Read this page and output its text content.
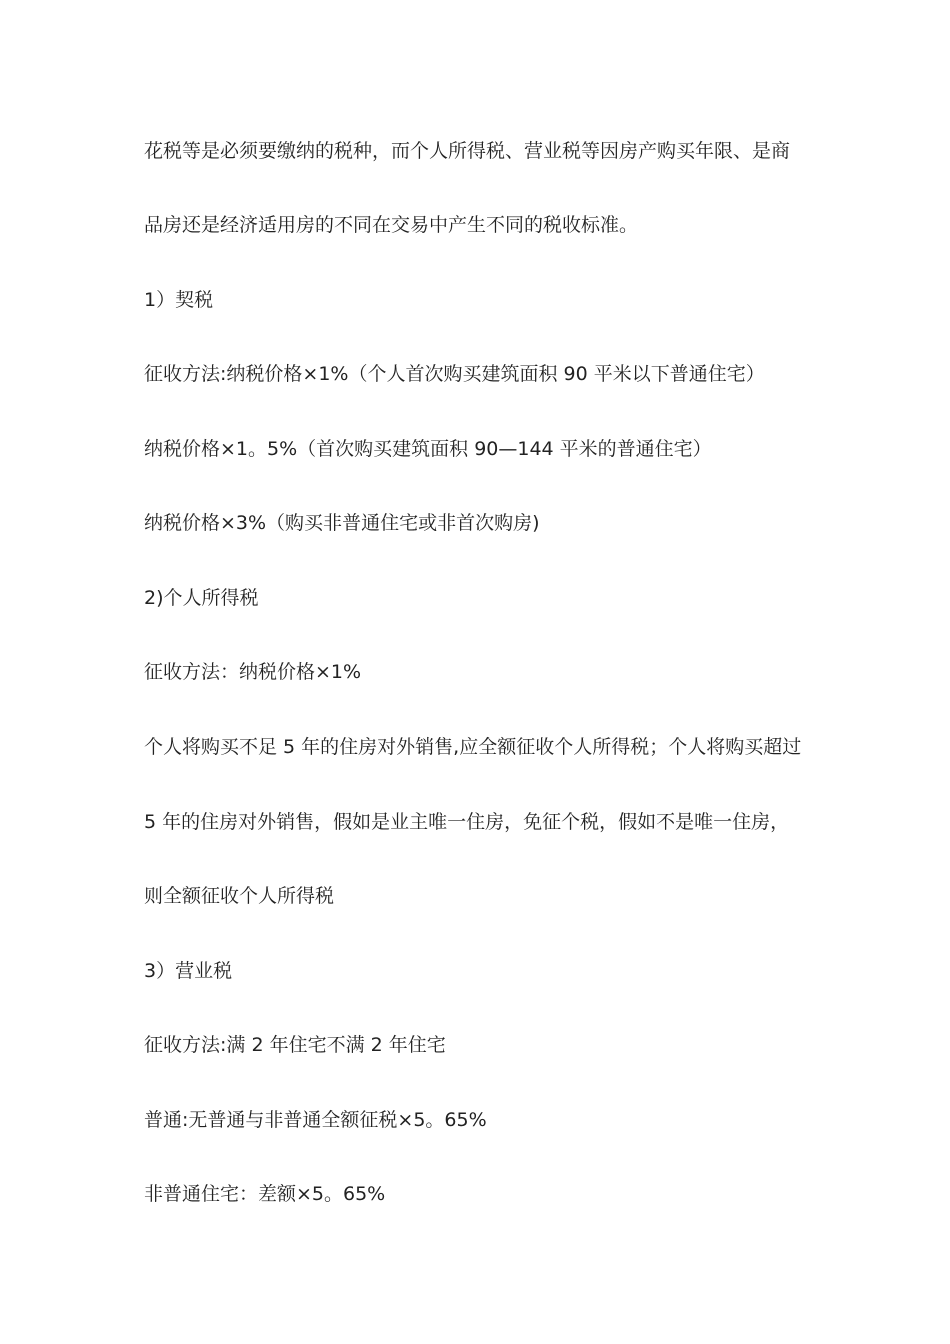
花税等是必须要缴纳的税种，而个人所得税、营业税等因房产购买年限、是商
品房还是经济适用房的不同在交易中产生不同的税收标准。
1）契税
征收方法:纳税价格×1%（个人首次购买建筑面积 90 平米以下普通住宅）
纳税价格×1。5%（首次购买建筑面积 90—144 平米的普通住宅）
纳税价格×3%（购买非普通住宅或非首次购房)
2)个人所得税
征收方法：纳税价格×1%
个人将购买不足 5 年的住房对外销售,应全额征收个人所得税；个人将购买超过
5 年的住房对外销售，假如是业主唯一住房，免征个税，假如不是唯一住房，
则全额征收个人所得税
3）营业税
征收方法:满 2 年住宅不满 2 年住宅
普通:无普通与非普通全额征税×5。65%
非普通住宅：差额×5。65%
